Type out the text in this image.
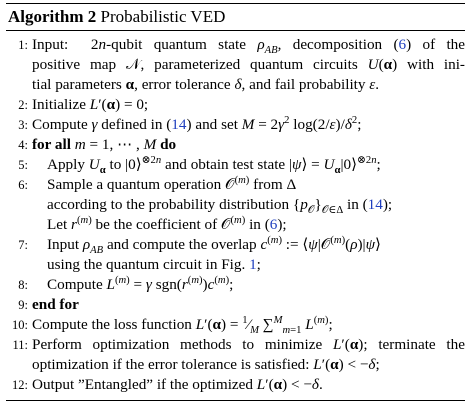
Algorithm 2 Probabilistic VED
1: Input:  2n-qubit quantum state $\rho_{AB}$, decomposition (6) of the
positive map 𝒩, parameterized quantum circuits U(α) with ini-
tial parameters α, error tolerance δ, and fail probability ε.
2: Initialize L′(α) = 0;
3: Compute γ defined in (14) and set $M = 2\gamma^2$ $\log(2/\varepsilon)/\delta^2$;
4: for all m = 1, ⋯ , M do
5: Apply $U_\alpha$ to |0⟩$^{\otimes 2n}$ and obtain test state |ψ⟩ = $U_\alpha|0⟩^{\otimes 2n}$;
6: Sample a quantum operation 𝒪$^{(m)}$ from Δ
according to the probability distribution $\{p_𝒪\}_{𝒪\in\Delta}$ in (14);
Let $r^{(m)}$ be the coefficient of 𝒪$^{(m)}$ in (6);
7: Input $\rho_{AB}$ and compute the overlap $c^{(m)}$ := ⟨ψ|𝒪$^{(m)}$(ρ)|ψ⟩
using the quantum circuit in Fig. 1;
8: Compute $L^{(m)} = \gamma$ $sgn(r^{(m)})c^{(m)}$;
9: end for
10: Compute the loss function $L'(\alpha) = ^1⁄_M$ ∑$^M_{m=1}$ $L^{(m)}$;
11: Perform optimization methods to minimize L′(α); terminate the
optimization if the error tolerance is satisfied: L′(α) < −δ;
12: Output ”Entangled” if the optimized L′(α) < −δ.
